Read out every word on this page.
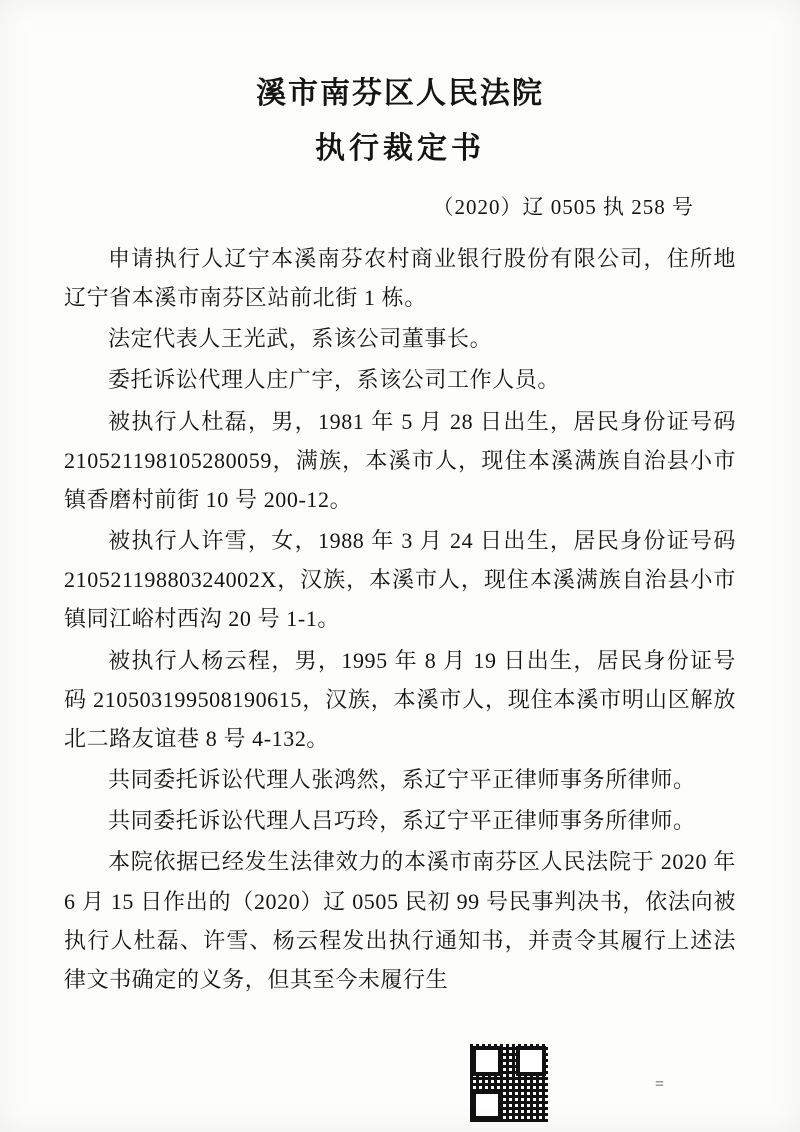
溪市南芬区人民法院
执行裁定书
（2020）辽 0505 执 258 号

申请执行人辽宁本溪南芬农村商业银行股份有限公司，住所地辽宁省本溪市南芬区站前北街 1 栋。

法定代表人王光武，系该公司董事长。

委托诉讼代理人庄广宇，系该公司工作人员。

被执行人杜磊，男，1981 年 5 月 28 日出生，居民身份证号码 210521198105280059，满族，本溪市人，现住本溪满族自治县小市镇香磨村前街 10 号 200-12。

被执行人许雪，女，1988 年 3 月 24 日出生，居民身份证号码 21052119880324002X，汉族，本溪市人，现住本溪满族自治县小市镇同江峪村西沟 20 号 1-1。

被执行人杨云程，男，1995 年 8 月 19 日出生，居民身份证号码 210503199508190615，汉族，本溪市人，现住本溪市明山区解放北二路友谊巷 8 号 4-132。

共同委托诉讼代理人张鸿然，系辽宁平正律师事务所律师。

共同委托诉讼代理人吕巧玲，系辽宁平正律师事务所律师。

本院依据已经发生法律效力的本溪市南芬区人民法院于 2020 年 6 月 15 日作出的（2020）辽 0505 民初 99 号民事判决书，依法向被执行人杜磊、许雪、杨云程发出执行通知书，并责令其履行上述法律文书确定的义务，但其至今未履行生

=
